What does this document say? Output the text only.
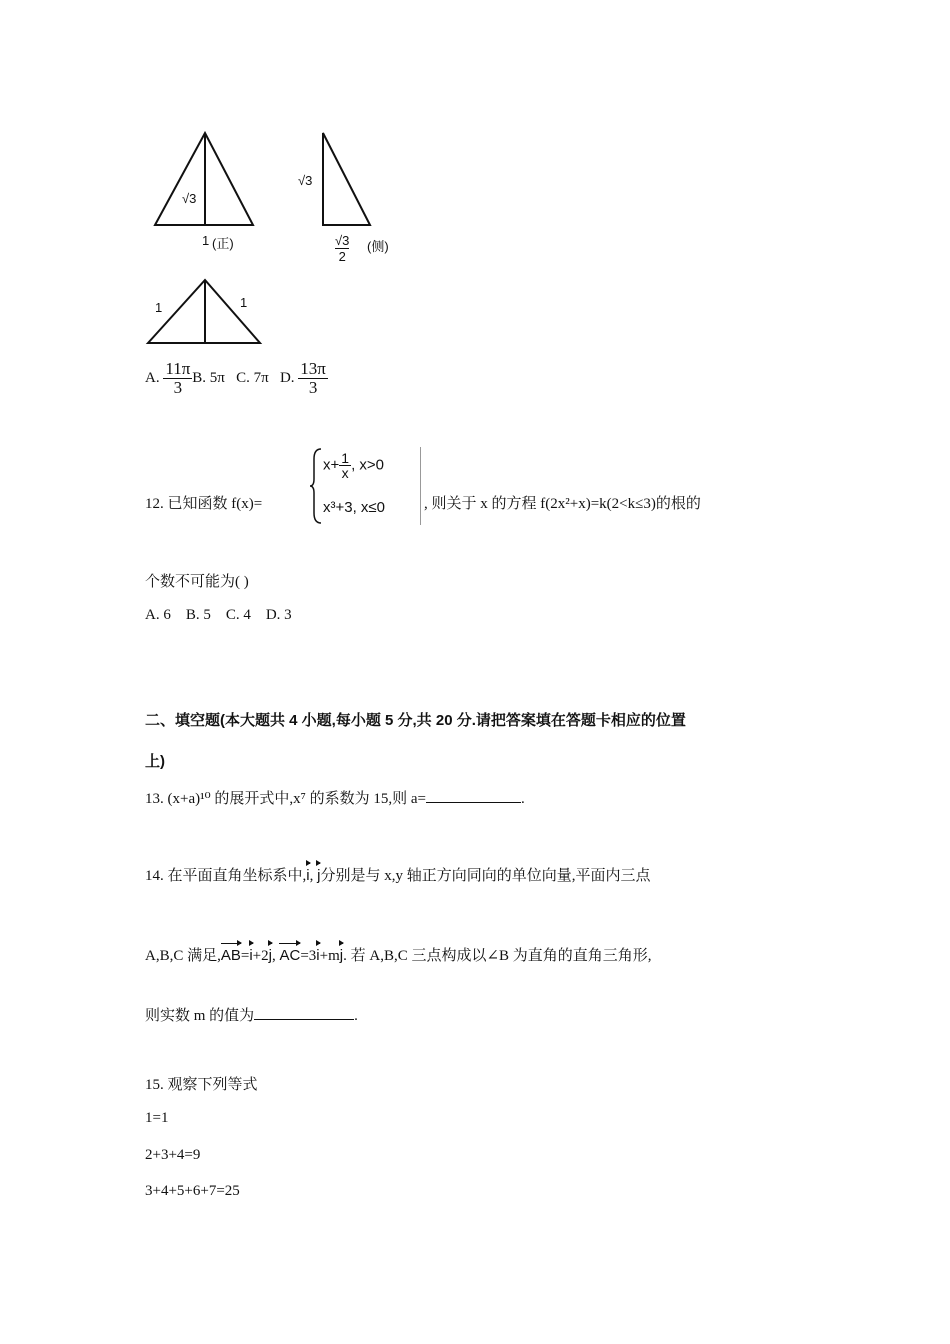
√3
1 (正)
√3
$\frac{√3}{2}$ (侧)
1	1
A. $\frac{11\pi}{3} B$. 5π C. 7π D. $\frac{13\pi}{3}$
12. 已知函数 f(x)=
$x+ \frac{1}{x}$ , x>0
x³+3, x≤0	, 则关于 x 的方程 f(2x²+x)=k(2<k≤3)的根的
个数不可能为( )
A. 6    B. 5    C. 4    D. 3
二、填空题(本大题共 4 小题,每小题 5 分,共 20 分.请把答案填在答题卡相应的位置
上)
13. (x+a)¹⁰ 的展开式中,x⁷ 的系数为 15,则 a=	.
14. 在平面直角坐标系中,i, j分别是与 x,y 轴正方向同向的单位向量,平面内三点
A,B,C 满足,AB=i+2j, AC=3i+mj. 若 A,B,C 三点构成以∠B 为直角的直角三角形,
则实数 m 的值为	.
15. 观察下列等式
1=1
2+3+4=9
3+4+5+6+7=25
